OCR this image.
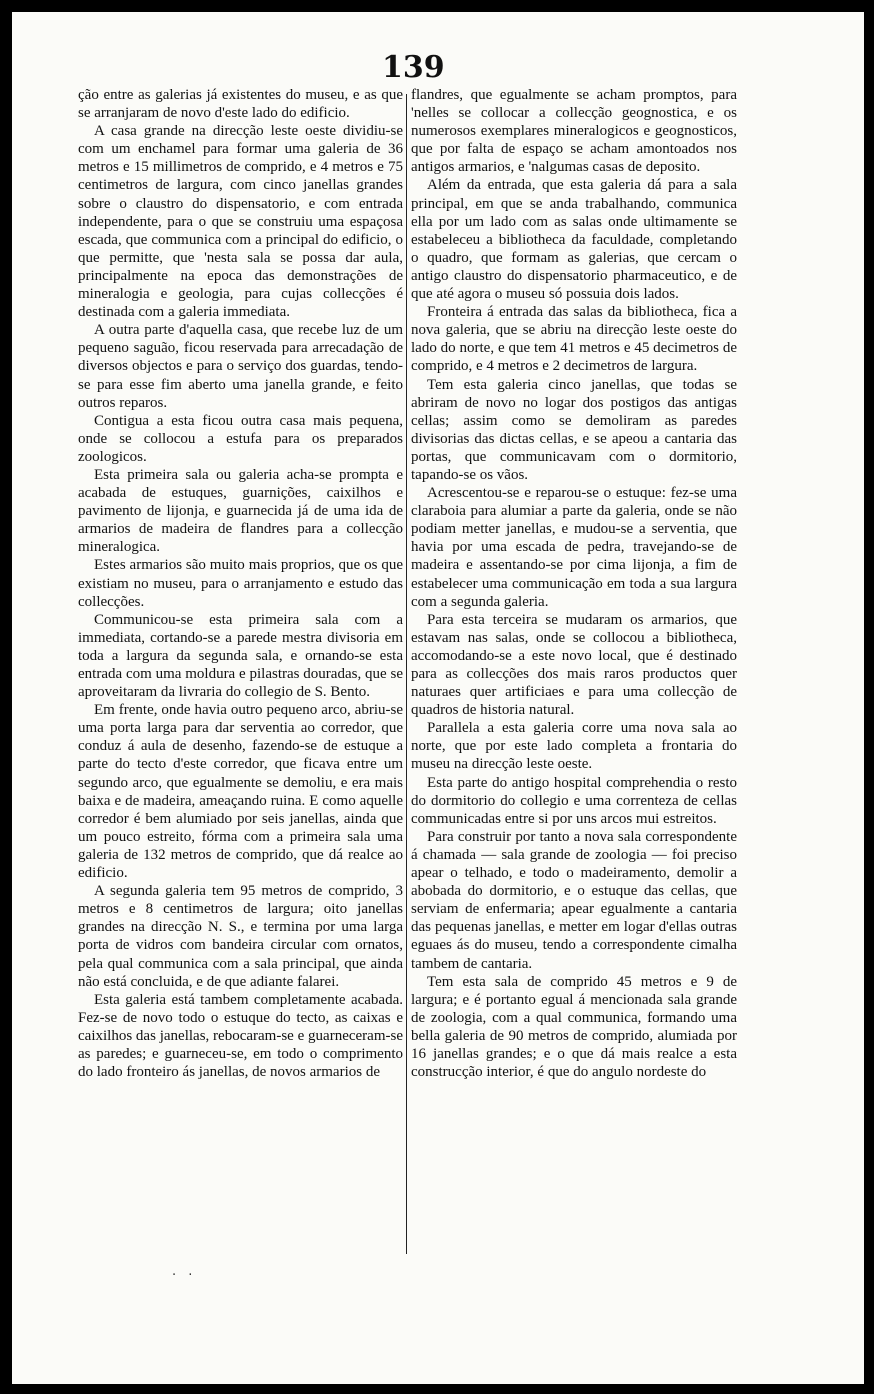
139

ção entre as galerias já existentes do museu, e as que se arranjaram de novo d'este lado do edificio.

A casa grande na direcção leste oeste dividiu-se com um enchamel para formar uma galeria de 36 metros e 15 millimetros de comprido, e 4 metros e 75 centimetros de largura, com cinco janellas grandes sobre o claustro do dispensatorio, e com entrada independente, para o que se construiu uma espaçosa escada, que communica com a principal do edificio, o que permitte, que 'nesta sala se possa dar aula, principalmente na epoca das demonstrações de mineralogia e geologia, para cujas collecções é destinada com a galeria immediata.

A outra parte d'aquella casa, que recebe luz de um pequeno saguão, ficou reservada para arrecadação de diversos objectos e para o serviço dos guardas, tendo-se para esse fim aberto uma janella grande, e feito outros reparos.

Contigua a esta ficou outra casa mais pequena, onde se collocou a estufa para os preparados zoologicos.

Esta primeira sala ou galeria acha-se prompta e acabada de estuques, guarnições, caixilhos e pavimento de lijonja, e guarnecida já de uma ida de armarios de madeira de flandres para a collecção mineralogica.

Estes armarios são muito mais proprios, que os que existiam no museu, para o arranjamento e estudo das collecções.

Communicou-se esta primeira sala com a immediata, cortando-se a parede mestra divisoria em toda a largura da segunda sala, e ornando-se esta entrada com uma moldura e pilastras douradas, que se aproveitaram da livraria do collegio de S. Bento.

Em frente, onde havia outro pequeno arco, abriu-se uma porta larga para dar serventia ao corredor, que conduz á aula de desenho, fazendo-se de estuque a parte do tecto d'este corredor, que ficava entre um segundo arco, que egualmente se demoliu, e era mais baixa e de madeira, ameaçando ruina. E como aquelle corredor é bem alumiado por seis janellas, ainda que um pouco estreito, fórma com a primeira sala uma galeria de 132 metros de comprido, que dá realce ao edificio.

A segunda galeria tem 95 metros de comprido, 3 metros e 8 centimetros de largura; oito janellas grandes na direcção N. S., e termina por uma larga porta de vidros com bandeira circular com ornatos, pela qual communica com a sala principal, que ainda não está concluida, e de que adiante falarei.

Esta galeria está tambem completamente acabada. Fez-se de novo todo o estuque do tecto, as caixas e caixilhos das janellas, rebocaram-se e guarneceram-se as paredes; e guarneceu-se, em todo o comprimento do lado fronteiro ás janellas, de novos armarios de

flandres, que egualmente se acham promptos, para 'nelles se collocar a collecção geognostica, e os numerosos exemplares mineralogicos e geognosticos, que por falta de espaço se acham amontoados nos antigos armarios, e 'nalgumas casas de deposito.

Além da entrada, que esta galeria dá para a sala principal, em que se anda trabalhando, communica ella por um lado com as salas onde ultimamente se estabeleceu a bibliotheca da faculdade, completando o quadro, que formam as galerias, que cercam o antigo claustro do dispensatorio pharmaceutico, e de que até agora o museu só possuia dois lados.

Fronteira á entrada das salas da bibliotheca, fica a nova galeria, que se abriu na direcção leste oeste do lado do norte, e que tem 41 metros e 45 decimetros de comprido, e 4 metros e 2 decimetros de largura.

Tem esta galeria cinco janellas, que todas se abriram de novo no logar dos postigos das antigas cellas; assim como se demoliram as paredes divisorias das dictas cellas, e se apeou a cantaria das portas, que communicavam com o dormitorio, tapando-se os vãos.

Acrescentou-se e reparou-se o estuque: fez-se uma claraboia para alumiar a parte da galeria, onde se não podiam metter janellas, e mudou-se a serventia, que havia por uma escada de pedra, travejando-se de madeira e assentando-se por cima lijonja, a fim de estabelecer uma communicação em toda a sua largura com a segunda galeria.

Para esta terceira se mudaram os armarios, que estavam nas salas, onde se collocou a bibliotheca, accomodando-se a este novo local, que é destinado para as collecções dos mais raros productos quer naturaes quer artificiaes e para uma collecção de quadros de historia natural.

Parallela a esta galeria corre uma nova sala ao norte, que por este lado completa a frontaria do museu na direcção leste oeste.

Esta parte do antigo hospital comprehendia o resto do dormitorio do collegio e uma correnteza de cellas communicadas entre si por uns arcos mui estreitos.

Para construir por tanto a nova sala correspondente á chamada — sala grande de zoologia — foi preciso apear o telhado, e todo o madeiramento, demolir a abobada do dormitorio, e o estuque das cellas, que serviam de enfermaria; apear egualmente a cantaria das pequenas janellas, e metter em logar d'ellas outras eguaes ás do museu, tendo a correspondente cimalha tambem de cantaria.

Tem esta sala de comprido 45 metros e 9 de largura; e é portanto egual á mencionada sala grande de zoologia, com a qual communica, formando uma bella galeria de 90 metros de comprido, alumiada por 16 janellas grandes; e o que dá mais realce a esta construcção interior, é que do angulo nordeste do

· ·
